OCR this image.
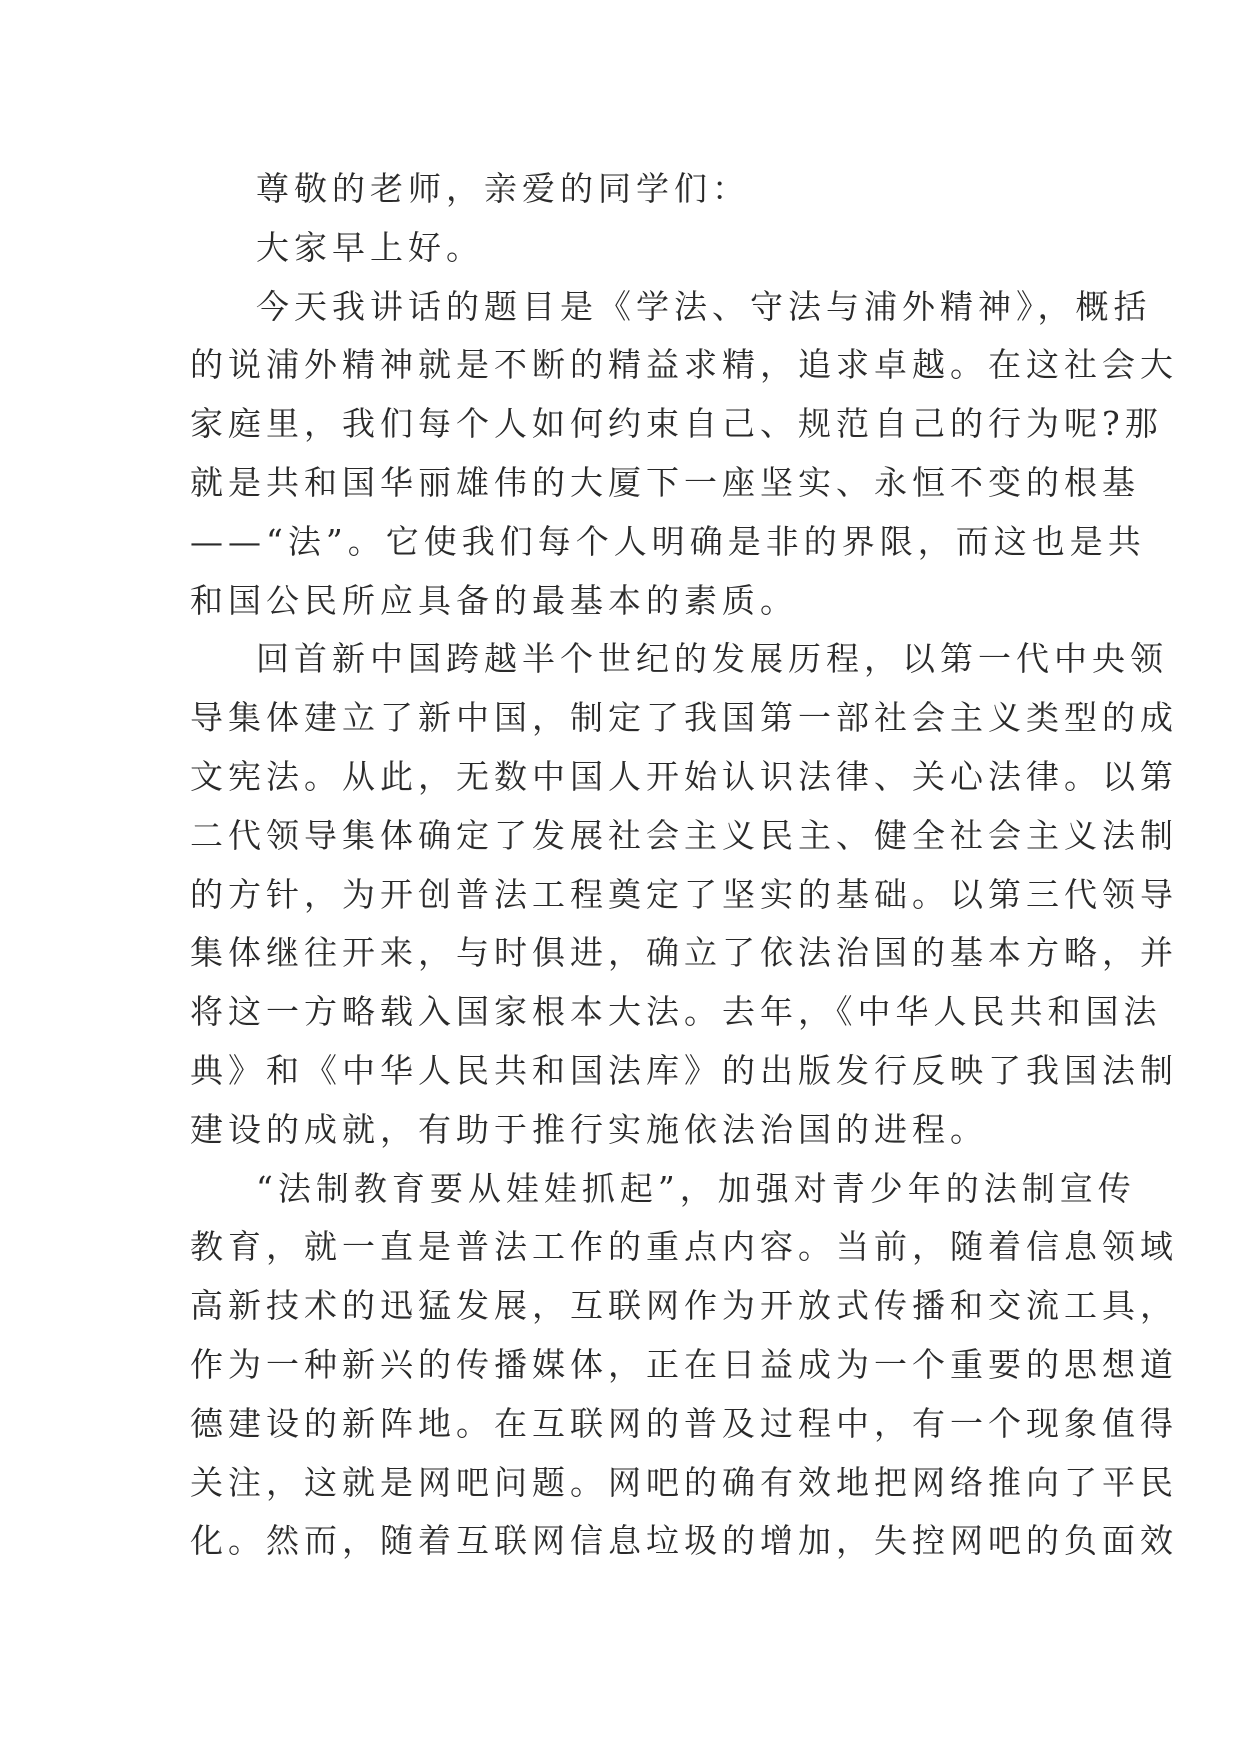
尊敬的老师，亲爱的同学们：
大家早上好。
今天我讲话的题目是《学法、守法与浦外精神》，概括
的说浦外精神就是不断的精益求精，追求卓越。在这社会大
家庭里，我们每个人如何约束自己、规范自己的行为呢?那
就是共和国华丽雄伟的大厦下一座坚实、永恒不变的根基
——“法”。它使我们每个人明确是非的界限，而这也是共
和国公民所应具备的最基本的素质。
回首新中国跨越半个世纪的发展历程，以第一代中央领
导集体建立了新中国，制定了我国第一部社会主义类型的成
文宪法。从此，无数中国人开始认识法律、关心法律。以第
二代领导集体确定了发展社会主义民主、健全社会主义法制
的方针，为开创普法工程奠定了坚实的基础。以第三代领导
集体继往开来，与时俱进，确立了依法治国的基本方略，并
将这一方略载入国家根本大法。去年，《中华人民共和国法
典》和《中华人民共和国法库》的出版发行反映了我国法制
建设的成就，有助于推行实施依法治国的进程。
“法制教育要从娃娃抓起”，加强对青少年的法制宣传
教育，就一直是普法工作的重点内容。当前，随着信息领域
高新技术的迅猛发展，互联网作为开放式传播和交流工具，
作为一种新兴的传播媒体，正在日益成为一个重要的思想道
德建设的新阵地。在互联网的普及过程中，有一个现象值得
关注，这就是网吧问题。网吧的确有效地把网络推向了平民
化。然而，随着互联网信息垃圾的增加，失控网吧的负面效
